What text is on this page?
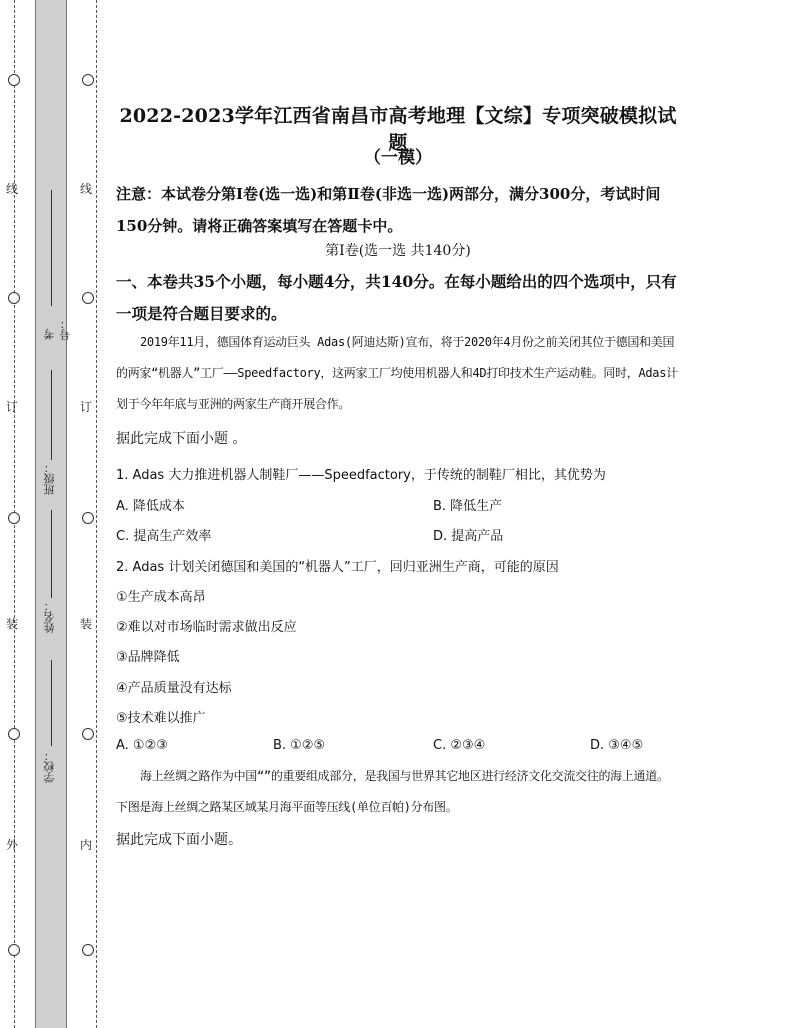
线
订
装
外
线
订
装
内
考号：
班级：
姓名：
学校：
2022-2023学年江西省南昌市高考地理【文综】专项突破模拟试题
（一模）
注意：本试卷分第Ⅰ卷(选一选)和第Ⅱ卷(非选一选)两部分，满分300分，考试时间150分钟。请将正确答案填写在答题卡中。
第Ⅰ卷(选一选 共140分)
一、本卷共35个小题，每小题4分，共140分。在每小题给出的四个选项中，只有一项是符合题目要求的。
2019年11月，德国体育运动巨头 Adas(阿迪达斯)宣布，将于2020年4月份之前关闭其位于德国和美国的两家“机器人”工厂——Speedfactory，这两家工厂均使用机器人和4D打印技术生产运动鞋。同时，Adas计划于今年年底与亚洲的两家生产商开展合作。
据此完成下面小题 。
1. Adas 大力推进机器人制鞋厂——Speedfactory，于传统的制鞋厂相比，其优势为
A. 降低成本	B. 降低生产
C. 提高生产效率	D. 提高产品
2. Adas 计划关闭德国和美国的“机器人”工厂，回归亚洲生产商，可能的原因
①生产成本高昂
②难以对市场临时需求做出反应
③品牌降低
④产品质量没有达标
⑤技术难以推广
A. ①②③	B. ①②⑤	C. ②③④	D. ③④⑤
海上丝绸之路作为中国“”的重要组成部分，是我国与世界其它地区进行经济文化交流交往的海上通道。下图是海上丝绸之路某区域某月海平面等压线(单位百帕)分布图。
据此完成下面小题。
